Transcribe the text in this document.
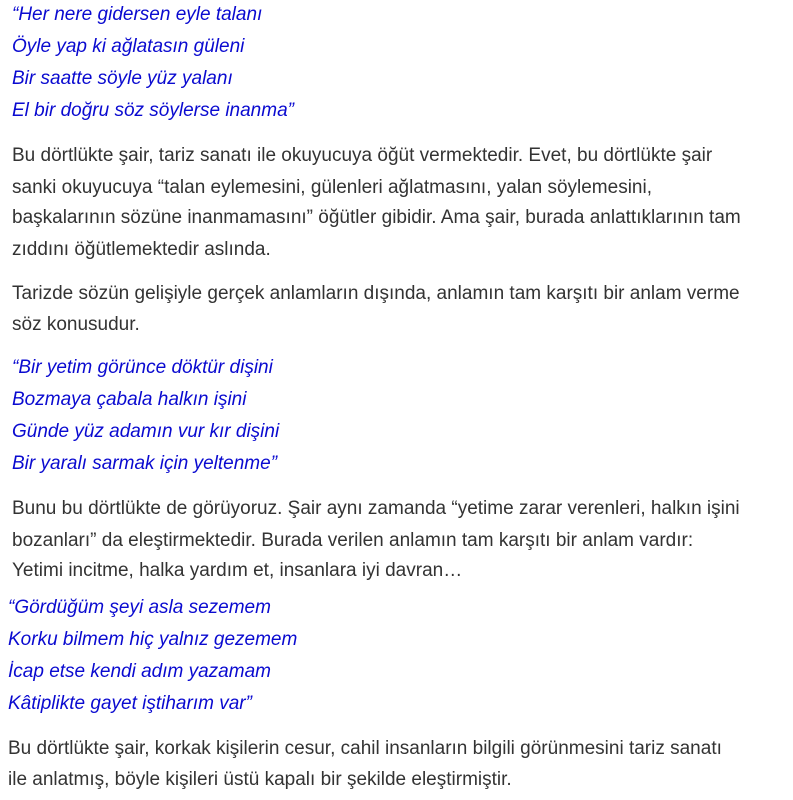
“Her nere gidersen eyle talanı
Öyle yap ki ağlatasın güleni
Bir saatte söyle yüz yalanı
El bir doğru söz söylerse inanma”
Bu dörtlükte şair, tariz sanatı ile okuyucuya öğüt vermektedir. Evet, bu dörtlükte şair
sanki okuyucuya “talan eylemesini, gülenleri ağlatmasını, yalan söylemesini,
başkalarının sözüne inanmamasını” öğütler gibidir. Ama şair, burada anlattıklarının tam
zıddını öğütlemektedir aslında.
Tarizde sözün gelişiyle gerçek anlamların dışında, anlamın tam karşıtı bir anlam verme
söz konusudur.
“Bir yetim görünce döktür dişini
Bozmaya çabala halkın işini
Günde yüz adamın vur kır dişini
Bir yaralı sarmak için yeltenme”
Bunu bu dörtlükte de görüyoruz. Şair aynı zamanda “yetime zarar verenleri, halkın işini
bozanları” da eleştirmektedir. Burada verilen anlamın tam karşıtı bir anlam vardır:
Yetimi incitme, halka yardım et, insanlara iyi davran…
“Gördüğüm şeyi asla sezemem
Korku bilmem hiç yalnız gezemem
İcap etse kendi adım yazamam
Kâtiplikte gayet iştiharım var”
Bu dörtlükte şair, korkak kişilerin cesur, cahil insanların bilgili görünmesini tariz sanatı
ile anlatmış, böyle kişileri üstü kapalı bir şekilde eleştirmiştir.
